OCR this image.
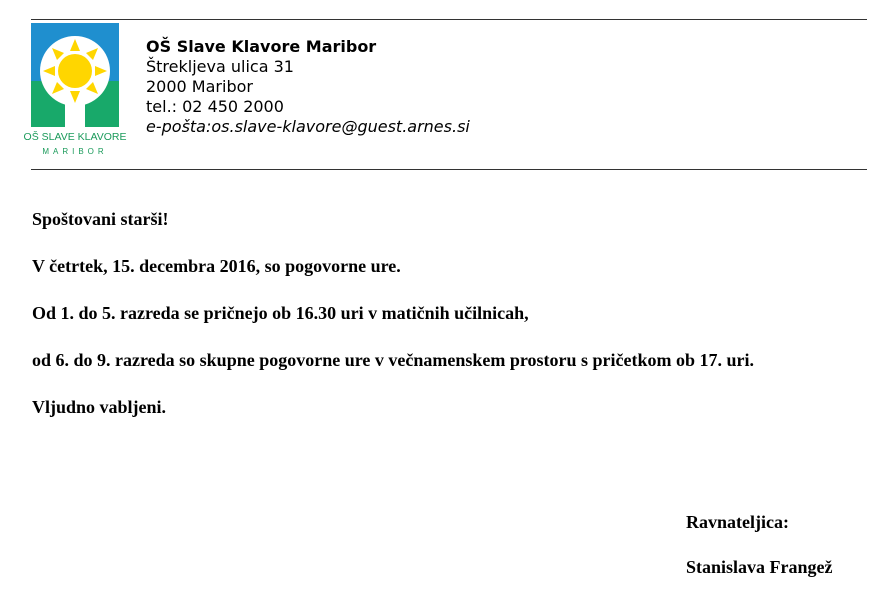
OŠ SLAVE KLAVORE
MARIBOR
OŠ Slave Klavore Maribor
Štrekljeva ulica 31
2000 Maribor
tel.: 02 450 2000
e-pošta:os.slave-klavore@guest.arnes.si

Spoštovani starši!

V četrtek, 15. decembra 2016, so pogovorne ure.

Od 1. do 5. razreda se pričnejo ob 16.30 uri v matičnih učilnicah,

od 6. do 9. razreda so skupne pogovorne ure v večnamenskem prostoru s pričetkom ob 17. uri.

Vljudno vabljeni.

Ravnateljica:

Stanislava Frangež
